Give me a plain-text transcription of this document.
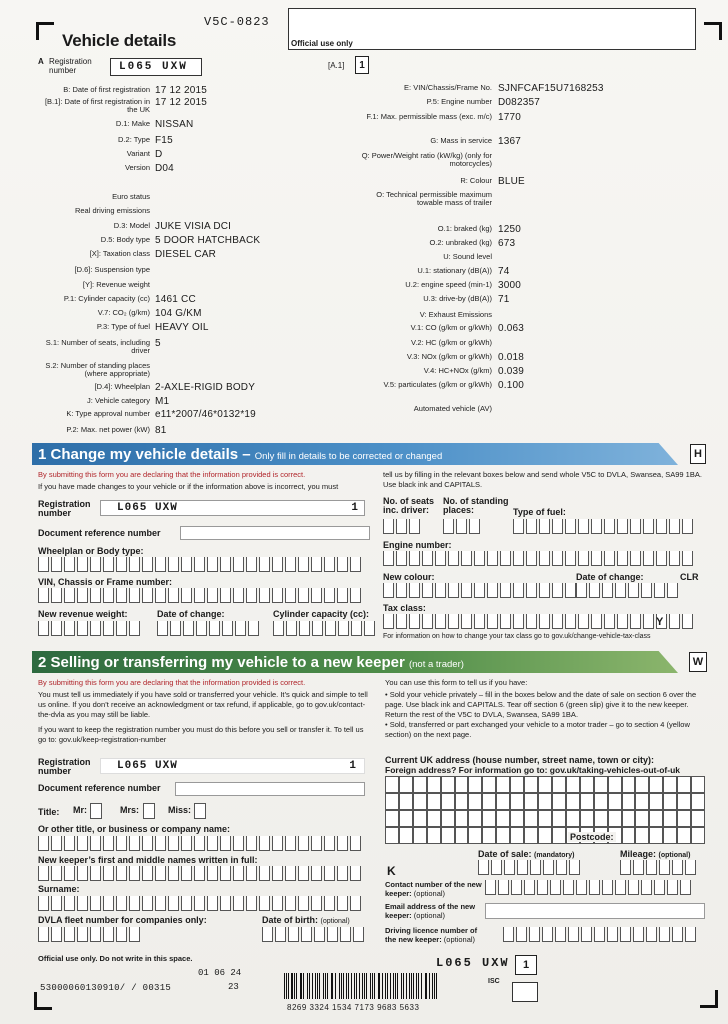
V5C-0823
Vehicle details	Official use only
A Registration number	L065 UXW	[A.1]	1
B: Date of first registration 17 12 2015
[B.1]: Date of first registration in the UK
17 12 2015
D.1: Make NISSAN
D.2: Type F15
Variant D
Version D04
Euro status
Real driving emissions
D.3: Model JUKE VISIA DCI
D.5: Body type 5 DOOR HATCHBACK
[X]: Taxation class DIESEL CAR
[D.6]: Suspension type
[Y]: Revenue weight
P.1: Cylinder capacity (cc) 1461 CC
V.7: CO₂ (g/km) 104 G/KM
P.3: Type of fuel HEAVY OIL
S.1: Number of seats, including driver
5
S.2: Number of standing places (where appropriate)
[D.4]: Wheelplan 2-AXLE-RIGID BODY
J: Vehicle category M1
K: Type approval number e11*2007/46*0132*19
P.2: Max. net power (kW) 81
E: VIN/Chassis/Frame No. SJNFCAF15U7168253
P.5: Engine number D082357
F.1: Max. permissible mass (exc. m/c) 1770
G: Mass in service 1367
Q: Power/Weight ratio (kW/kg) (only for motorcycles)
R: Colour BLUE
O: Technical permissible maximum towable mass of trailer
O.1: braked (kg) 1250
O.2: unbraked (kg) 673
U: Sound level
U.1: stationary (dB(A)) 74
U.2: engine speed (min-1) 3000
U.3: drive-by (dB(A)) 71
V: Exhaust Emissions
V.1: CO (g/km or g/kWh) 0.063
V.2: HC (g/km or g/kWh)
V.3: NOx (g/km or g/kWh) 0.018
V.4: HC+NOx (g/km) 0.039
V.5: particulates (g/km or g/kWh) 0.100
Automated vehicle (AV)
1 Change my vehicle details – Only fill in details to be corrected or changed	H
By submitting this form you are declaring that the information provided is correct.
If you have made changes to your vehicle or if the information above is incorrect, you must
tell us by filling in the relevant boxes below and send whole V5C to DVLA, Swansea, SA99 1BA. Use black ink and CAPITALS.
Registration number	L065 UXW	1
Document reference number
Wheelplan or Body type:
VIN, Chassis or Frame number:
New revenue weight:	Date of change:	Cylinder capacity (cc):
No. of seats inc. driver:
No. of standing places:	Type of fuel:
Engine number:
New colour:	Date of change:	CLR
Tax class:
Y
For information on how to change your tax class go to gov.uk/change-vehicle-tax-class
2 Selling or transferring my vehicle to a new keeper (not a trader)	W
By submitting this form you are declaring that the information provided is correct.
You must tell us immediately if you have sold or transferred your vehicle. It’s quick and simple to tell us online. If you don’t receive an acknowledgment or tax refund, if applicable, go to gov.uk/contact-the-dvla as you may still be liable.
If you want to keep the registration number you must do this before you sell or transfer it. To tell us go to: gov.uk/keep-registration-number
You can use this form to tell us if you have:
• Sold your vehicle privately – fill in the boxes below and the date of sale on section 6 over the page. Use black ink and CAPITALS. Tear off section 6 (green slip) give it to the new keeper. Return the rest of the V5C to DVLA, Swansea, SA99 1BA.
• Sold, transferred or part exchanged your vehicle to a motor trader – go to section 4 (yellow section) on the next page.
Registration number	L065 UXW	1
Document reference number
Title: Mr:	Mrs:	Miss:
Or other title, or business or company name:
New keeper’s first and middle names written in full:
Surname:
DVLA fleet number for companies only:	Date of birth: (optional)
Current UK address (house number, street name, town or city):
Foreign address? For information go to: gov.uk/taking-vehicles-out-of-uk
Postcode:
K
Date of sale: (mandatory)	Mileage: (optional)
Contact number of the new keeper: (optional)
Email address of the new keeper: (optional)
Driving licence number of the new keeper: (optional)
Official use only. Do not write in this space.
01 06 24
23
53000060130910/ / 00315
L065 UXW	1
ISC
8269 3324 1534 7173 9683 5633
